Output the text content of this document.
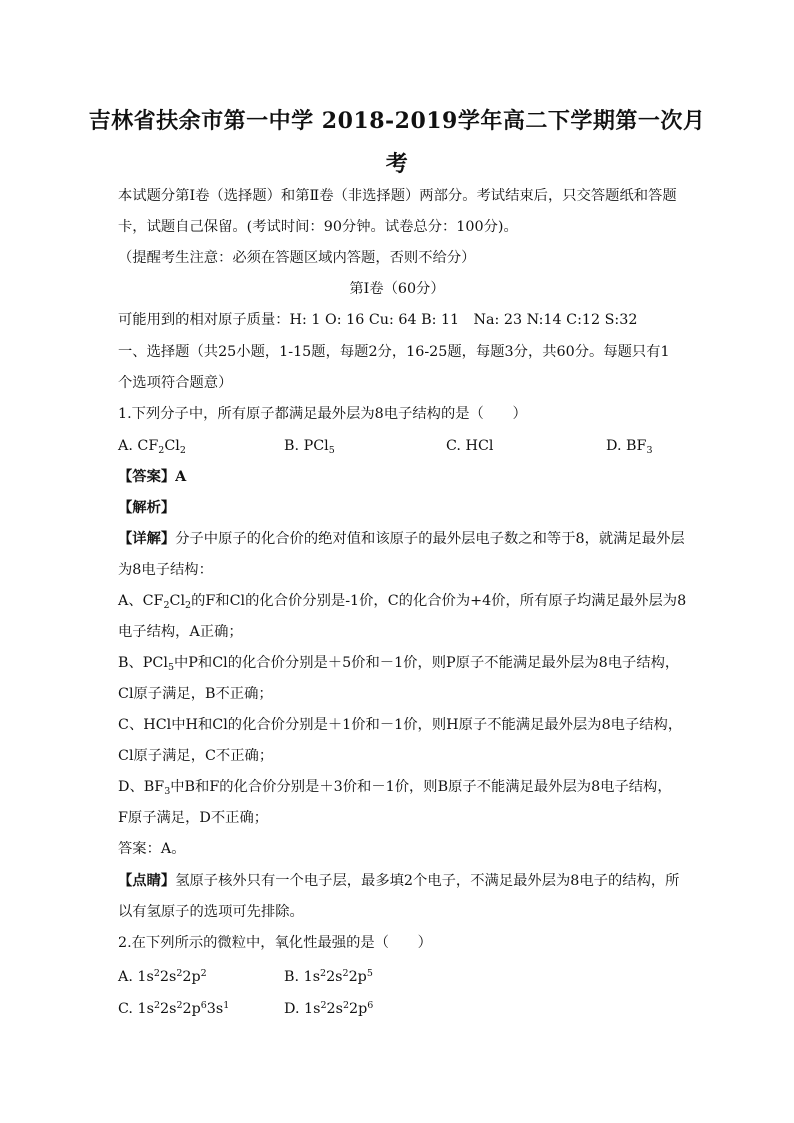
吉林省扶余市第一中学 2018-2019学年高二下学期第一次月
考
本试题分第Ⅰ卷（选择题）和第Ⅱ卷（非选择题）两部分。考试结束后，只交答题纸和答题
卡，试题自己保留。(考试时间：90分钟。试卷总分：100分)。
（提醒考生注意：必须在答题区域内答题，否则不给分）
第Ⅰ卷（60分）
可能用到的相对原子质量：H: 1 O: 16 Cu: 64 B: 11　Na: 23 N:14 C:12 S:32
一、选择题（共25小题，1-15题，每题2分，16-25题，每题3分，共60分。每题只有1
个选项符合题意）
1.下列分子中，所有原子都满足最外层为8电子结构的是（　　）
A. $CF_2Cl_2$	B. PCl$_5$	C. HCl	D. $BF_3$
【答案】A
【解析】
【详解】分子中原子的化合价的绝对值和该原子的最外层电子数之和等于8，就满足最外层
为8电子结构：
A、$CF_2Cl_2$的F和Cl的化合价分别是-1价，C的化合价为+4价，所有原子均满足最外层为8
电子结构，A正确；
B、PCl$_5$中P和Cl的化合价分别是＋5价和－1价，则P原子不能满足最外层为8电子结构，
Cl原子满足，B不正确；
C、HCl中H和Cl的化合价分别是＋1价和－1价，则H原子不能满足最外层为8电子结构，
Cl原子满足，C不正确；
D、$BF_3$中B和F的化合价分别是＋3价和－1价，则B原子不能满足最外层为8电子结构，
F原子满足，D不正确；
答案：A。
【点睛】氢原子核外只有一个电子层，最多填2个电子，不满足最外层为8电子的结构，所
以有氢原子的选项可先排除。
2.在下列所示的微粒中，氧化性最强的是（　　）
A. $1s^22s^22p^2$	B. $1s^22s^22p^5$
C. $1s^22s^22p^63s^1$	D. $1s^22s^22p^6$
